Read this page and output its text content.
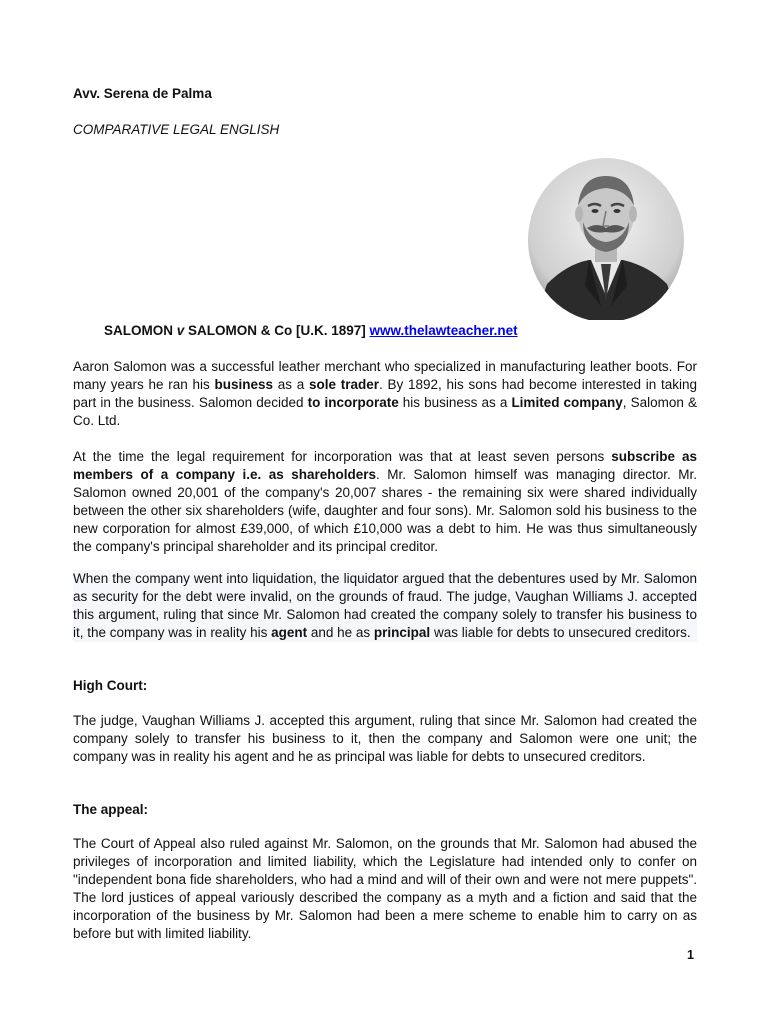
Avv. Serena de Palma

COMPARATIVE LEGAL ENGLISH

SALOMON v SALOMON & Co [U.K. 1897] www.thelawteacher.net

Aaron Salomon was a successful leather merchant who specialized in manufacturing leather boots. For many years he ran his business as a sole trader. By 1892, his sons had become interested in taking part in the business. Salomon decided to incorporate his business as a Limited company, Salomon & Co. Ltd.

At the time the legal requirement for incorporation was that at least seven persons subscribe as members of a company i.e. as shareholders. Mr. Salomon himself was managing director. Mr. Salomon owned 20,001 of the company's 20,007 shares - the remaining six were shared individually between the other six shareholders (wife, daughter and four sons). Mr. Salomon sold his business to the new corporation for almost £39,000, of which £10,000 was a debt to him. He was thus simultaneously the company's principal shareholder and its principal creditor.

When the company went into liquidation, the liquidator argued that the debentures used by Mr. Salomon as security for the debt were invalid, on the grounds of fraud. The judge, Vaughan Williams J. accepted this argument, ruling that since Mr. Salomon had created the company solely to transfer his business to it, the company was in reality his agent and he as principal was liable for debts to unsecured creditors.

High Court:

The judge, Vaughan Williams J. accepted this argument, ruling that since Mr. Salomon had created the company solely to transfer his business to it, then the company and Salomon were one unit; the company was in reality his agent and he as principal was liable for debts to unsecured creditors.

The appeal:

The Court of Appeal also ruled against Mr. Salomon, on the grounds that Mr. Salomon had abused the privileges of incorporation and limited liability, which the Legislature had intended only to confer on "independent bona fide shareholders, who had a mind and will of their own and were not mere puppets". The lord justices of appeal variously described the company as a myth and a fiction and said that the incorporation of the business by Mr. Salomon had been a mere scheme to enable him to carry on as before but with limited liability.

1
